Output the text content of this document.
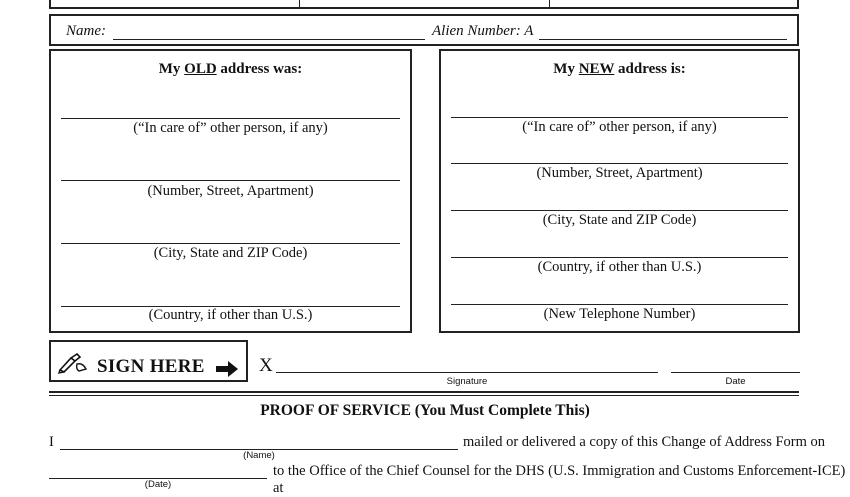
Name:	Alien Number: A
My OLD address was:
(“In care of” other person, if any)
(Number, Street, Apartment)
(City, State and ZIP Code)
(Country, if other than U.S.)
My NEW address is:
(“In care of” other person, if any)
(Number, Street, Apartment)
(City, State and ZIP Code)
(Country, if other than U.S.)
(New Telephone Number)
SIGN HERE	X
Signature	Date
PROOF OF SERVICE (You Must Complete This)
I
(Name)
mailed or delivered a copy of this Change of Address Form on
(Date)
to the Office of the Chief Counsel for the DHS (U.S. Immigration and Customs Enforcement-ICE) at
